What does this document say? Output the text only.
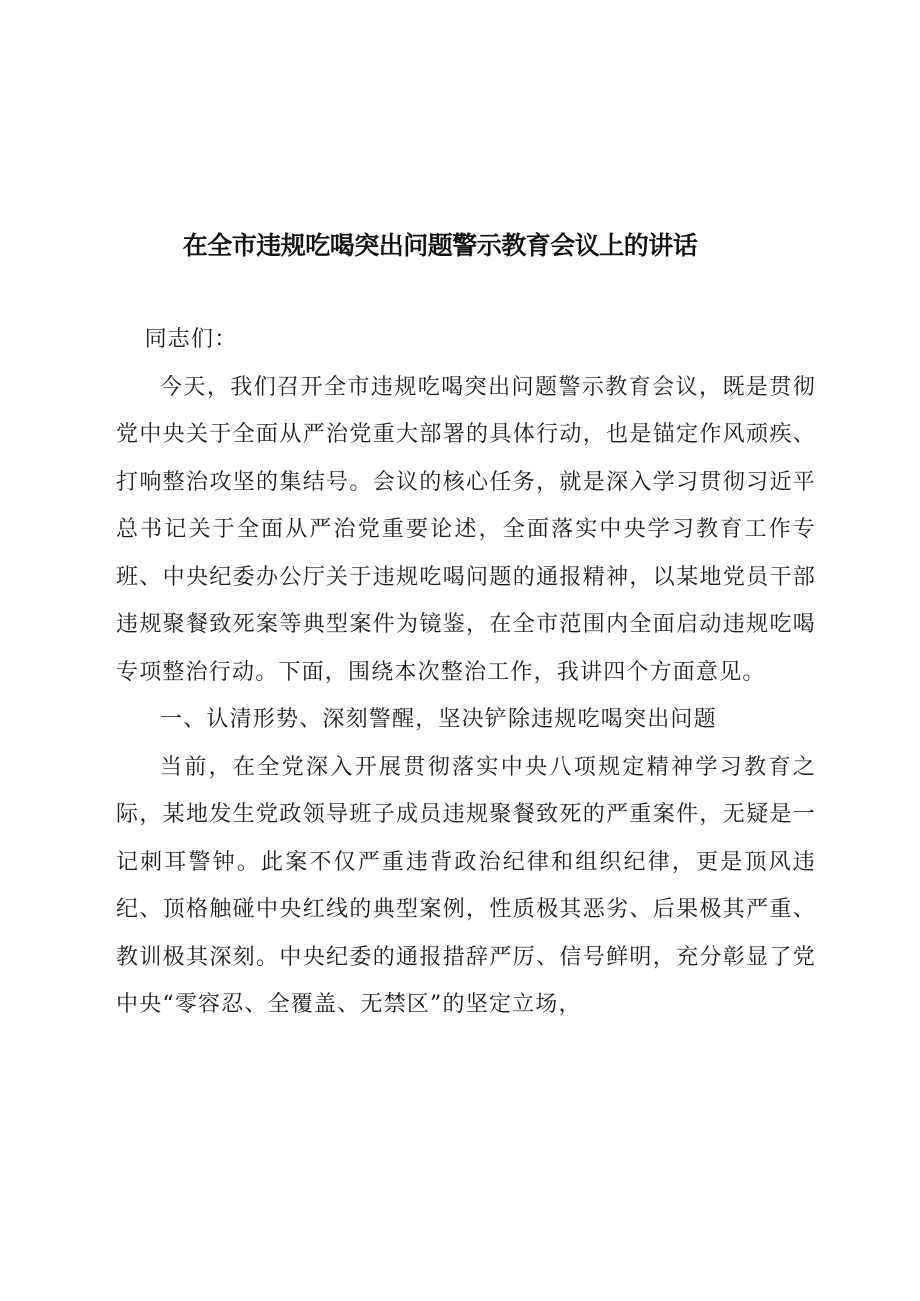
在全市违规吃喝突出问题警示教育会议上的讲话

同志们：

今天，我们召开全市违规吃喝突出问题警示教育会议，既是贯彻党中央关于全面从严治党重大部署的具体行动，也是锚定作风顽疾、打响整治攻坚的集结号。会议的核心任务，就是深入学习贯彻习近平总书记关于全面从严治党重要论述，全面落实中央学习教育工作专班、中央纪委办公厅关于违规吃喝问题的通报精神，以某地党员干部违规聚餐致死案等典型案件为镜鉴，在全市范围内全面启动违规吃喝专项整治行动。下面，围绕本次整治工作，我讲四个方面意见。

一、认清形势、深刻警醒，坚决铲除违规吃喝突出问题

当前，在全党深入开展贯彻落实中央八项规定精神学习教育之际，某地发生党政领导班子成员违规聚餐致死的严重案件，无疑是一记刺耳警钟。此案不仅严重违背政治纪律和组织纪律，更是顶风违纪、顶格触碰中央红线的典型案例，性质极其恶劣、后果极其严重、教训极其深刻。中央纪委的通报措辞严厉、信号鲜明，充分彰显了党中央“零容忍、全覆盖、无禁区”的坚定立场，
